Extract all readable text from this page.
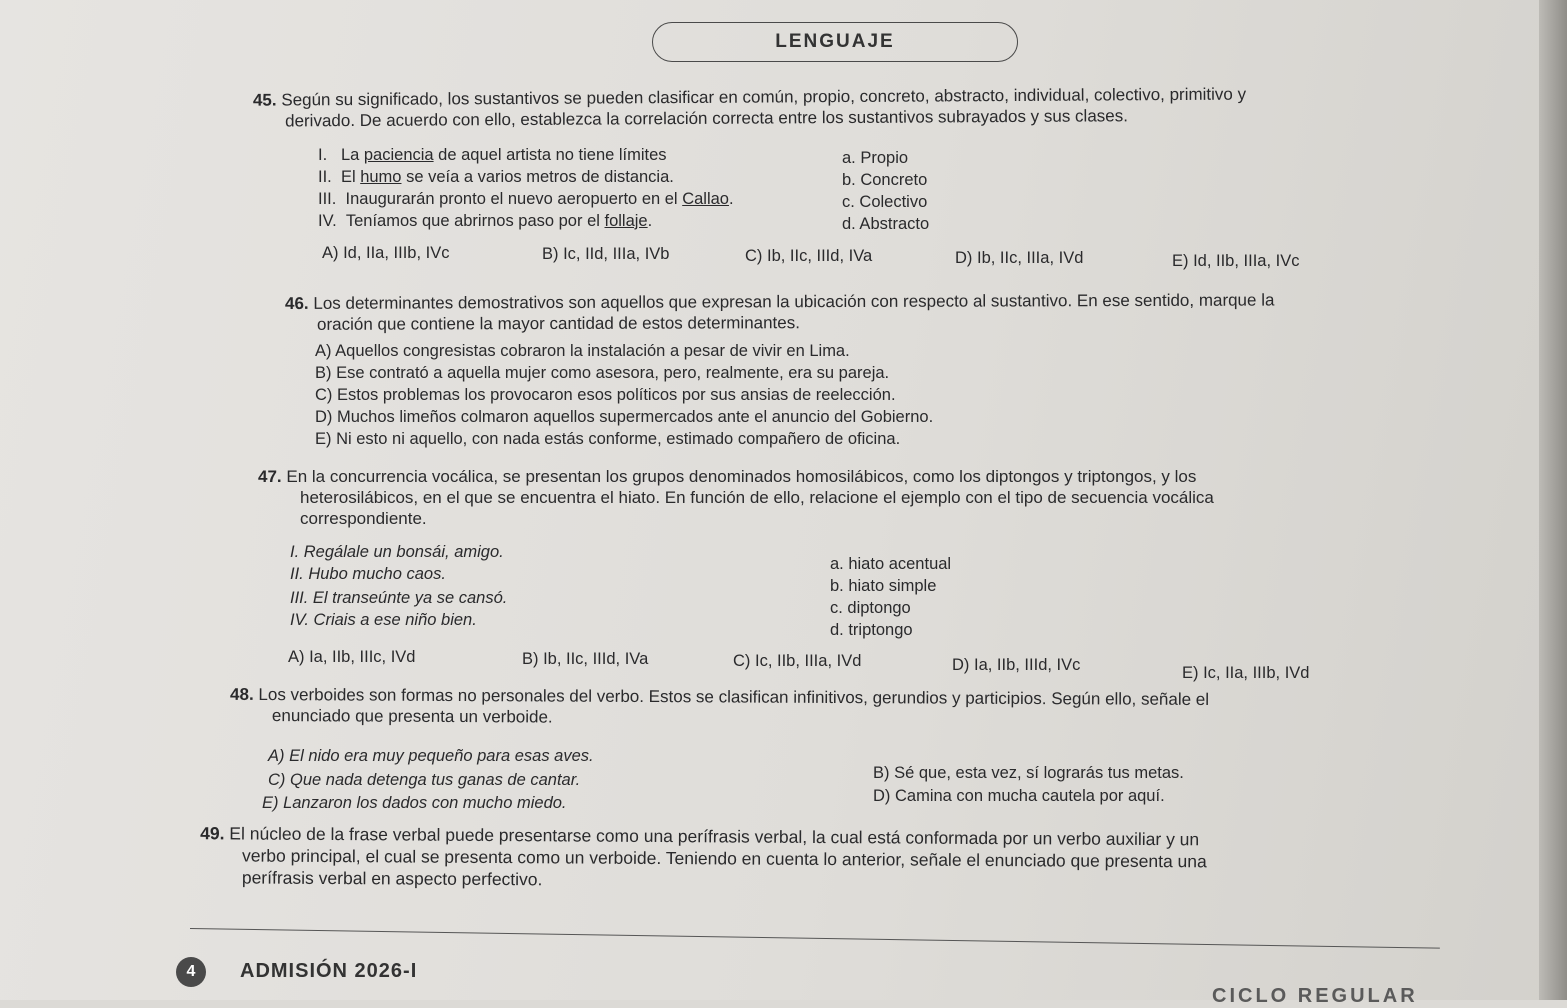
LENGUAJE
45. Según su significado, los sustantivos se pueden clasificar en común, propio, concreto, abstracto, individual, colectivo, primitivo y
derivado. De acuerdo con ello, establezca la correlación correcta entre los sustantivos subrayados y sus clases.
I. La paciencia de aquel artista no tiene límites
II. El humo se veía a varios metros de distancia.
III. Inaugurarán pronto el nuevo aeropuerto en el Callao.
IV. Teníamos que abrirnos paso por el follaje.
a. Propio
b. Concreto
c. Colectivo
d. Abstracto
A) Id, IIa, IIIb, IVc	B) Ic, IId, IIIa, IVb	C) Ib, IIc, IIId, IVa	D) Ib, IIc, IIIa, IVd	E) Id, IIb, IIIa, IVc
46. Los determinantes demostrativos son aquellos que expresan la ubicación con respecto al sustantivo. En ese sentido, marque la
oración que contiene la mayor cantidad de estos determinantes.
A) Aquellos congresistas cobraron la instalación a pesar de vivir en Lima.
B) Ese contrató a aquella mujer como asesora, pero, realmente, era su pareja.
C) Estos problemas los provocaron esos políticos por sus ansias de reelección.
D) Muchos limeños colmaron aquellos supermercados ante el anuncio del Gobierno.
E) Ni esto ni aquello, con nada estás conforme, estimado compañero de oficina.
47. En la concurrencia vocálica, se presentan los grupos denominados homosilábicos, como los diptongos y triptongos, y los
heterosilábicos, en el que se encuentra el hiato. En función de ello, relacione el ejemplo con el tipo de secuencia vocálica
correspondiente.
I. Regálale un bonsái, amigo.
II. Hubo mucho caos.
III. El transeúnte ya se cansó.
IV. Criais a ese niño bien.
a. hiato acentual
b. hiato simple
c. diptongo
d. triptongo
A) Ia, IIb, IIIc, IVd	B) Ib, IIc, IIId, IVa	C) Ic, IIb, IIIa, IVd	D) Ia, IIb, IIId, IVc	E) Ic, IIa, IIIb, IVd
48. Los verboides son formas no personales del verbo. Estos se clasifican infinitivos, gerundios y participios. Según ello, señale el
enunciado que presenta un verboide.
A) El nido era muy pequeño para esas aves.
C) Que nada detenga tus ganas de cantar.
E) Lanzaron los dados con mucho miedo.
B) Sé que, esta vez, sí lograrás tus metas.
D) Camina con mucha cautela por aquí.
49. El núcleo de la frase verbal puede presentarse como una perífrasis verbal, la cual está conformada por un verbo auxiliar y un
verbo principal, el cual se presenta como un verboide. Teniendo en cuenta lo anterior, señale el enunciado que presenta una
perífrasis verbal en aspecto perfectivo.
4	ADMISIÓN 2026-I
CICLO REGULAR
